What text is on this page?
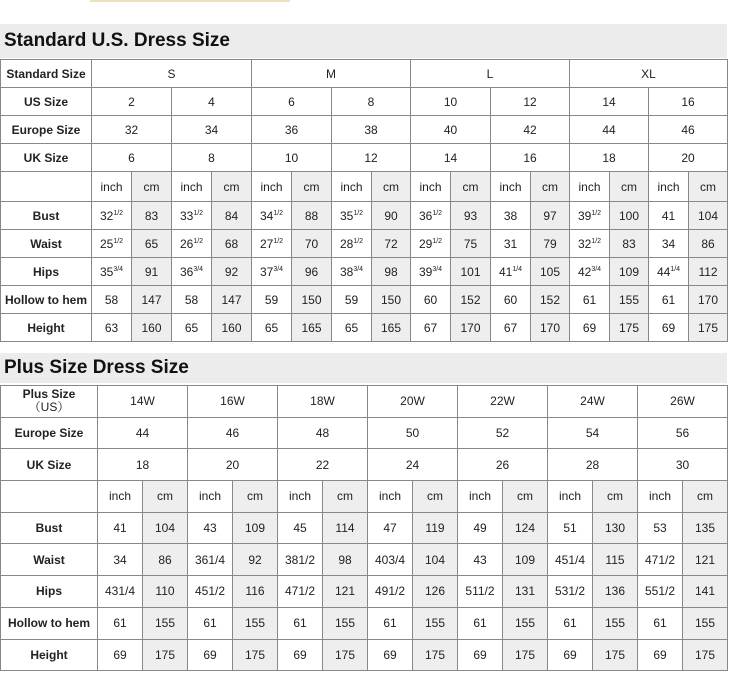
Standard U.S. Dress Size
Standard Size	S				M				L				XL			
US Size	2		4		6		8		10		12		14		16	
Europe Size	32		34		36		38		40		42		44		46	
UK Size	6		8		10		12		14		16		18		20	
	inch	cm	inch	cm	inch	cm	inch	cm	inch	cm	inch	cm	inch	cm	inch	cm
Bust	$32^{1/2}$	83	$33^{1/2}$	84	$34^{1/2}$	88	$35^{1/2}$	90	$36^{1/2}$	93	38	97	$39^{1/2}$	100	41	104
Waist	$25^{1/2}$	65	$26^{1/2}$	68	$27^{1/2}$	70	$28^{1/2}$	72	$29^{1/2}$	75	31	79	$32^{1/2}$	83	34	86
Hips	$35^{3/4}$	91	$36^{3/4}$	92	$37^{3/4}$	96	$38^{3/4}$	98	$39^{3/4}$	101	$41^{1/4}$	105	$42^{3/4}$	109	$44^{1/4}$	112
Hollow to hem	58	147	58	147	59	150	59	150	60	152	60	152	61	155	61	170
Height	63	160	65	160	65	165	65	165	67	170	67	170	69	175	69	175
Plus Size Dress Size
Plus Size
（US）	14W		16W		18W		20W		22W		24W		26W	
Europe Size	44		46		48		50		52		54		56	
UK Size	18		20		22		24		26		28		30	
	inch	cm	inch	cm	inch	cm	inch	cm	inch	cm	inch	cm	inch	cm
Bust	41	104	43	109	45	114	47	119	49	124	51	130	53	135
Waist	34	86	361/4	92	381/2	98	403/4	104	43	109	451/4	115	471/2	121
Hips	431/4	110	451/2	116	471/2	121	491/2	126	511/2	131	531/2	136	551/2	141
Hollow to hem	61	155	61	155	61	155	61	155	61	155	61	155	61	155
Height	69	175	69	175	69	175	69	175	69	175	69	175	69	175
